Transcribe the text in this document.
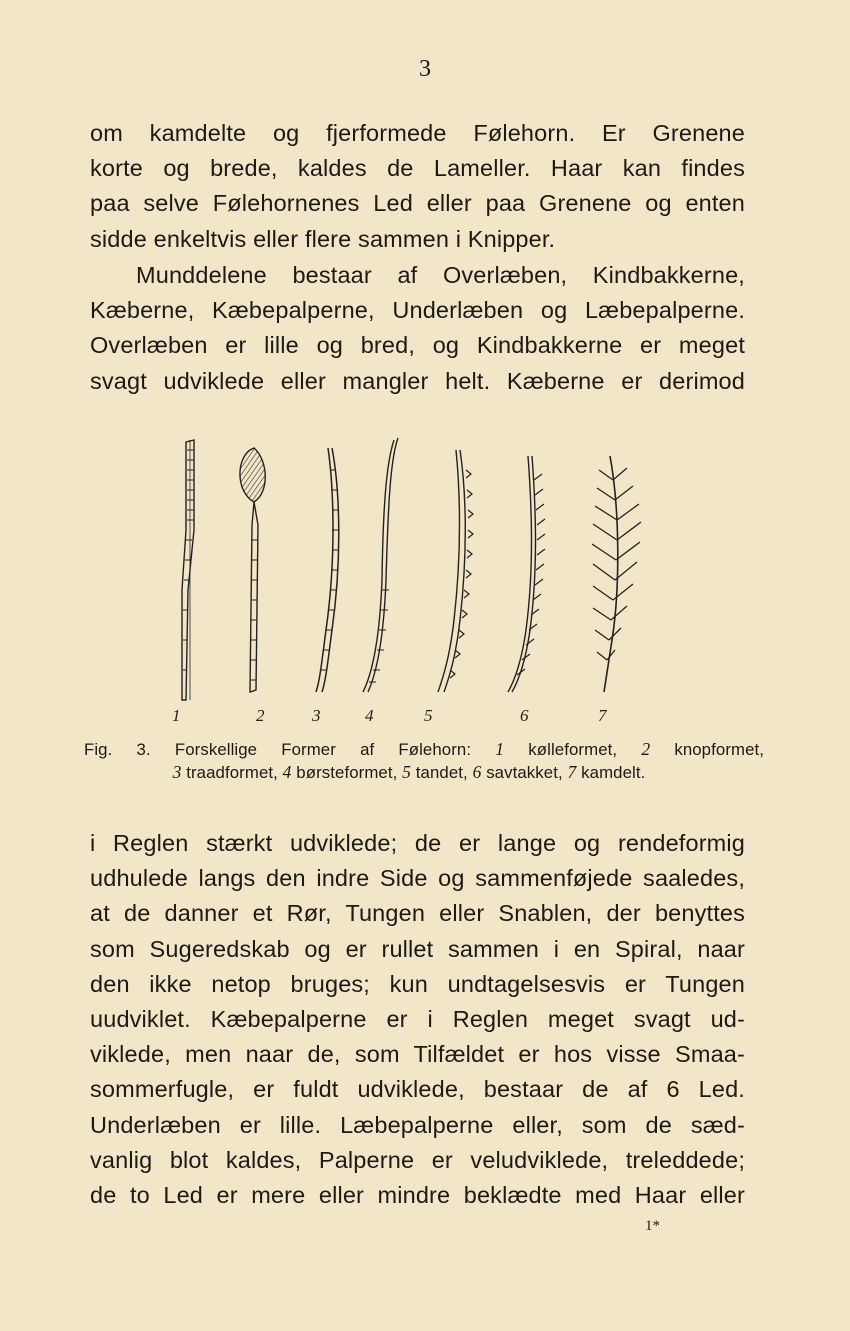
3
om kamdelte og fjerformede Følehorn. Er Grenene
korte og brede, kaldes de Lameller. Haar kan findes
paa selve Følehornenes Led eller paa Grenene og enten
sidde enkeltvis eller flere sammen i Knipper.
Munddelene bestaar af Overlæben, Kindbakkerne,
Kæberne, Kæbepalperne, Underlæben og Læbepalperne.
Overlæben er lille og bred, og Kindbakkerne er meget
svagt udviklede eller mangler helt. Kæberne er derimod
1	2	3	4	5	6	7
Fig. 3. Forskellige Former af Følehorn: 1 kølleformet, 2 knopformet,
3 traadformet, 4 børsteformet, 5 tandet, 6 savtakket, 7 kamdelt.
i Reglen stærkt udviklede; de er lange og rendeformig
udhulede langs den indre Side og sammenføjede saaledes,
at de danner et Rør, Tungen eller Snablen, der benyttes
som Sugeredskab og er rullet sammen i en Spiral, naar
den ikke netop bruges; kun undtagelsesvis er Tungen
uudviklet. Kæbepalperne er i Reglen meget svagt ud-
viklede, men naar de, som Tilfældet er hos visse Smaa-
sommerfugle, er fuldt udviklede, bestaar de af 6 Led.
Underlæben er lille. Læbepalperne eller, som de sæd-
vanlig blot kaldes, Palperne er veludviklede, treleddede;
de to Led er mere eller mindre beklædte med Haar eller
1*
